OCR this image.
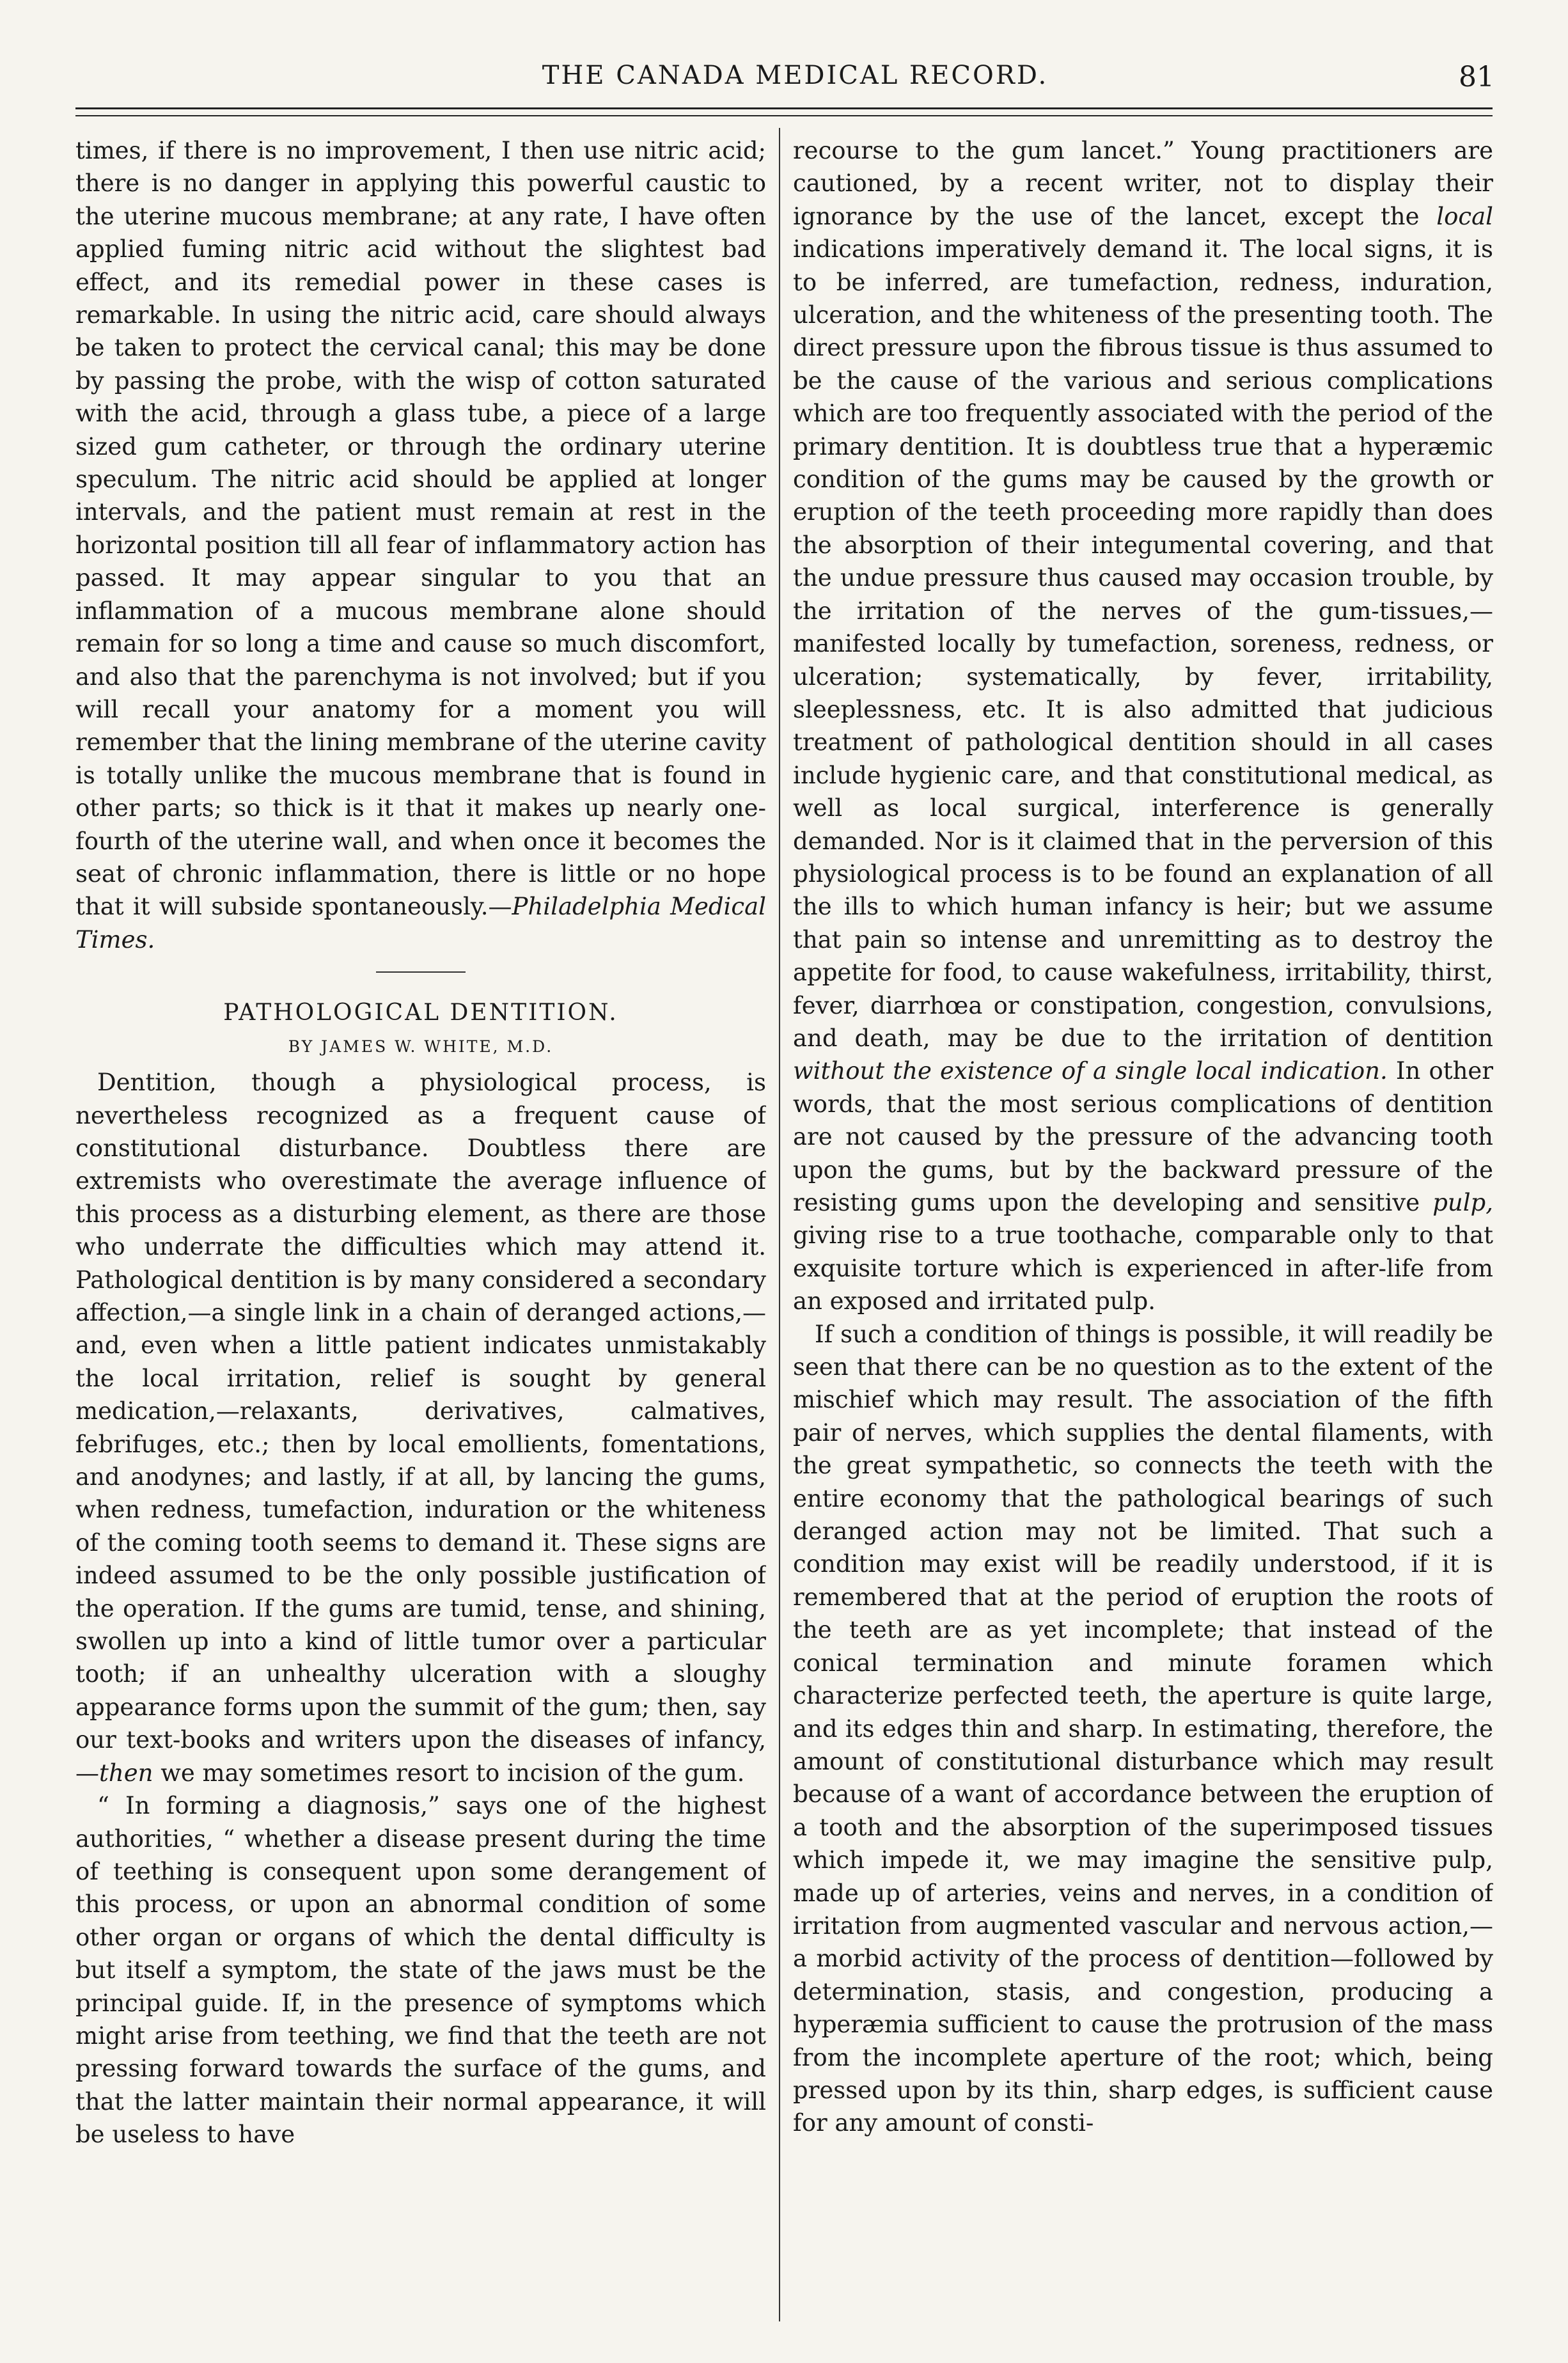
THE CANADA MEDICAL RECORD.	81

times, if there is no improvement, I then use nitric acid; there is no danger in applying this powerful caustic to the uterine mucous membrane; at any rate, I have often applied fuming nitric acid without the slightest bad effect, and its remedial power in these cases is remarkable. In using the nitric acid, care should always be taken to protect the cervical canal; this may be done by passing the probe, with the wisp of cotton saturated with the acid, through a glass tube, a piece of a large sized gum catheter, or through the ordinary uterine speculum. The nitric acid should be applied at longer intervals, and the patient must remain at rest in the horizontal position till all fear of inflammatory action has passed. It may appear singular to you that an inflammation of a mucous membrane alone should remain for so long a time and cause so much discomfort, and also that the parenchyma is not involved; but if you will recall your anatomy for a moment you will remember that the lining membrane of the uterine cavity is totally unlike the mucous membrane that is found in other parts; so thick is it that it makes up nearly one-fourth of the uterine wall, and when once it becomes the seat of chronic inflammation, there is little or no hope that it will subside spontaneously.—Philadelphia Medical Times.

PATHOLOGICAL DENTITION.
BY JAMES W. WHITE, M.D.

Dentition, though a physiological process, is nevertheless recognized as a frequent cause of constitutional disturbance. Doubtless there are extremists who overestimate the average influence of this process as a disturbing element, as there are those who underrate the difficulties which may attend it. Pathological dentition is by many considered a secondary affection,—a single link in a chain of deranged actions,—and, even when a little patient indicates unmistakably the local irritation, relief is sought by general medication,—relaxants, derivatives, calmatives, febrifuges, etc.; then by local emollients, fomentations, and anodynes; and lastly, if at all, by lancing the gums, when redness, tumefaction, induration or the whiteness of the coming tooth seems to demand it. These signs are indeed assumed to be the only possible justification of the operation. If the gums are tumid, tense, and shining, swollen up into a kind of little tumor over a particular tooth; if an unhealthy ulceration with a sloughy appearance forms upon the summit of the gum; then, say our text-books and writers upon the diseases of infancy,—then we may sometimes resort to incision of the gum.

“ In forming a diagnosis,” says one of the highest authorities, “ whether a disease present during the time of teething is consequent upon some derangement of this process, or upon an abnormal condition of some other organ or organs of which the dental difficulty is but itself a symptom, the state of the jaws must be the principal guide. If, in the presence of symptoms which might arise from teething, we find that the teeth are not pressing forward towards the surface of the gums, and that the latter maintain their normal appearance, it will be useless to have

recourse to the gum lancet.” Young practitioners are cautioned, by a recent writer, not to display their ignorance by the use of the lancet, except the local indications imperatively demand it. The local signs, it is to be inferred, are tumefaction, redness, induration, ulceration, and the whiteness of the presenting tooth. The direct pressure upon the fibrous tissue is thus assumed to be the cause of the various and serious complications which are too frequently associated with the period of the primary dentition. It is doubtless true that a hyperæmic condition of the gums may be caused by the growth or eruption of the teeth proceeding more rapidly than does the absorption of their integumental covering, and that the undue pressure thus caused may occasion trouble, by the irritation of the nerves of the gum-tissues,—manifested locally by tumefaction, soreness, redness, or ulceration; systematically, by fever, irritability, sleeplessness, etc. It is also admitted that judicious treatment of pathological dentition should in all cases include hygienic care, and that constitutional medical, as well as local surgical, interference is generally demanded. Nor is it claimed that in the perversion of this physiological process is to be found an explanation of all the ills to which human infancy is heir; but we assume that pain so intense and unremitting as to destroy the appetite for food, to cause wakefulness, irritability, thirst, fever, diarrhœa or constipation, congestion, convulsions, and death, may be due to the irritation of dentition without the existence of a single local indication. In other words, that the most serious complications of dentition are not caused by the pressure of the advancing tooth upon the gums, but by the backward pressure of the resisting gums upon the developing and sensitive pulp, giving rise to a true toothache, comparable only to that exquisite torture which is experienced in after-life from an exposed and irritated pulp.

If such a condition of things is possible, it will readily be seen that there can be no question as to the extent of the mischief which may result. The association of the fifth pair of nerves, which supplies the dental filaments, with the great sympathetic, so connects the teeth with the entire economy that the pathological bearings of such deranged action may not be limited. That such a condition may exist will be readily understood, if it is remembered that at the period of eruption the roots of the teeth are as yet incomplete; that instead of the conical termination and minute foramen which characterize perfected teeth, the aperture is quite large, and its edges thin and sharp. In estimating, therefore, the amount of constitutional disturbance which may result because of a want of accordance between the eruption of a tooth and the absorption of the superimposed tissues which impede it, we may imagine the sensitive pulp, made up of arteries, veins and nerves, in a condition of irritation from augmented vascular and nervous action,—a morbid activity of the process of dentition—followed by determination, stasis, and congestion, producing a hyperæmia sufficient to cause the protrusion of the mass from the incomplete aperture of the root; which, being pressed upon by its thin, sharp edges, is sufficient cause for any amount of consti-
